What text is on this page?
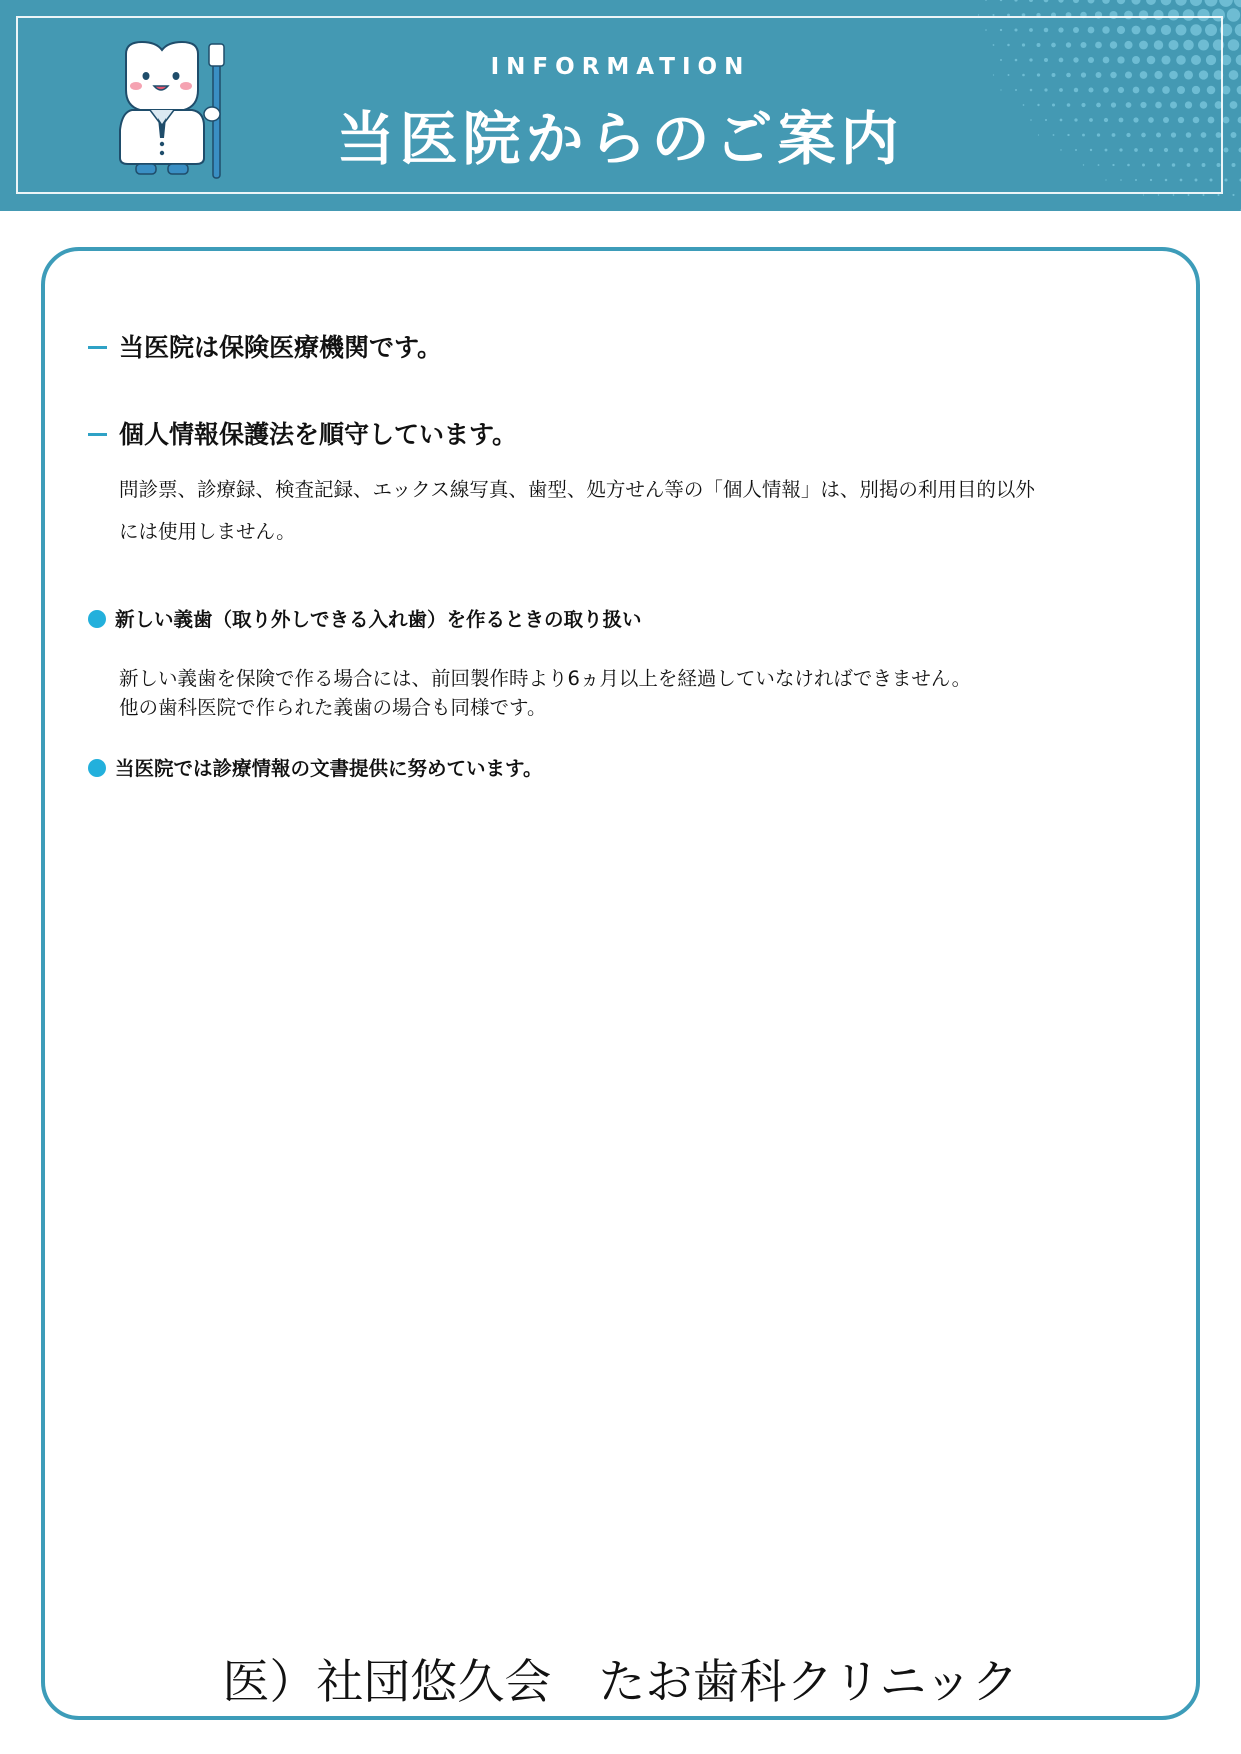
INFORMATION
当医院からのご案内
当医院は保険医療機関です。
個人情報保護法を順守しています。
問診票、診療録、検査記録、エックス線写真、歯型、処方せん等の「個人情報」は、別掲の利用目的以外
には使用しません。
新しい義歯（取り外しできる入れ歯）を作るときの取り扱い
新しい義歯を保険で作る場合には、前回製作時より6ヵ月以上を経過していなければできません。
他の歯科医院で作られた義歯の場合も同様です。
当医院では診療情報の文書提供に努めています。
医）社団悠久会　たお歯科クリニック
